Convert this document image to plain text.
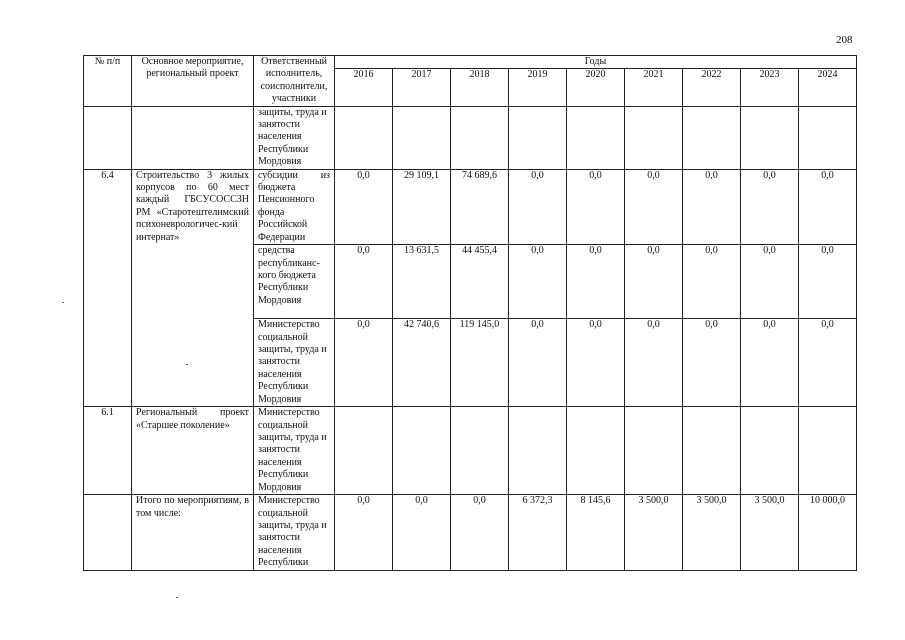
208
№ п/п	Основное мероприятие, региональный проект	Ответственный исполнитель, соисполнители, участники	Годы								
			2016	2017	2018	2019	2020	2021	2022	2023	2024
		защиты, труда и занятости населения Республики Мордовия									
6.4	Строительство 3 жилых корпусов по 60 мест каждый ГБСУСОССЗН РМ «Старотештелимский психоневрологичес-кий интернат»	субсидии из бюджета Пенсионного фонда Российской Федерации	0,0	29 109,1	74 689,6	0,0	0,0	0,0	0,0	0,0	0,0
		средства республиканс-кого бюджета Республики Мордовия	0,0	13 631,5	44 455,4	0,0	0,0	0,0	0,0	0,0	0,0
		Министерство социальной защиты, труда и занятости населения Республики Мордовия	0,0	42 740,6	119 145,0	0,0	0,0	0,0	0,0	0,0	0,0
6.1	Региональный проект «Старшее поколение»	Министерство социальной защиты, труда и занятости населения Республики Мордовия									
	Итого по мероприятиям, в том числе:	Министерство социальной защиты, труда и занятости населения Республики	0,0	0,0	0,0	6 372,3	8 145,6	3 500,0	3 500,0	3 500,0	10 000,0
